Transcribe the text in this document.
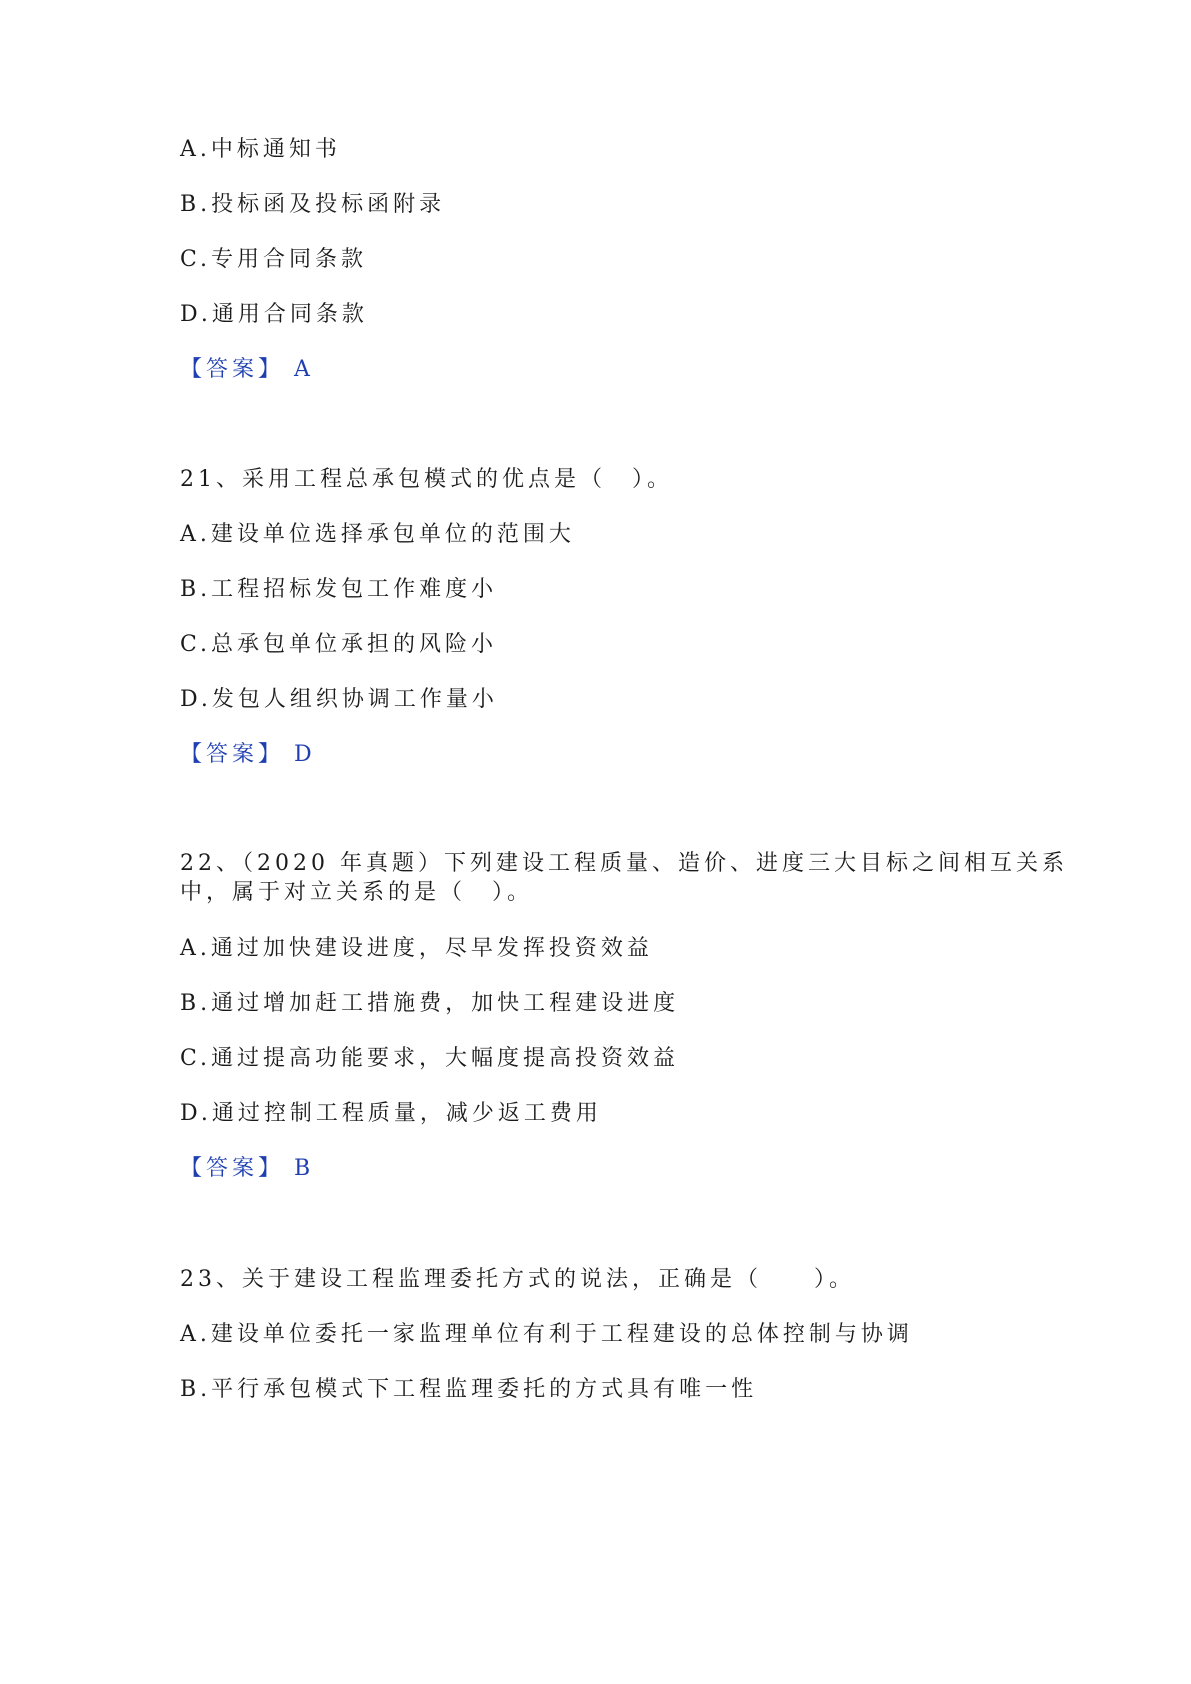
A.中标通知书
B.投标函及投标函附录
C.专用合同条款
D.通用合同条款
【答案】 A
21、采用工程总承包模式的优点是（　）。
A.建设单位选择承包单位的范围大
B.工程招标发包工作难度小
C.总承包单位承担的风险小
D.发包人组织协调工作量小
【答案】 D
22、（2020 年真题）下列建设工程质量、造价、进度三大目标之间相互关系
中，属于对立关系的是（　）。
A.通过加快建设进度，尽早发挥投资效益
B.通过增加赶工措施费，加快工程建设进度
C.通过提高功能要求，大幅度提高投资效益
D.通过控制工程质量，减少返工费用
【答案】 B
23、关于建设工程监理委托方式的说法，正确是（　　）。
A.建设单位委托一家监理单位有利于工程建设的总体控制与协调
B.平行承包模式下工程监理委托的方式具有唯一性
